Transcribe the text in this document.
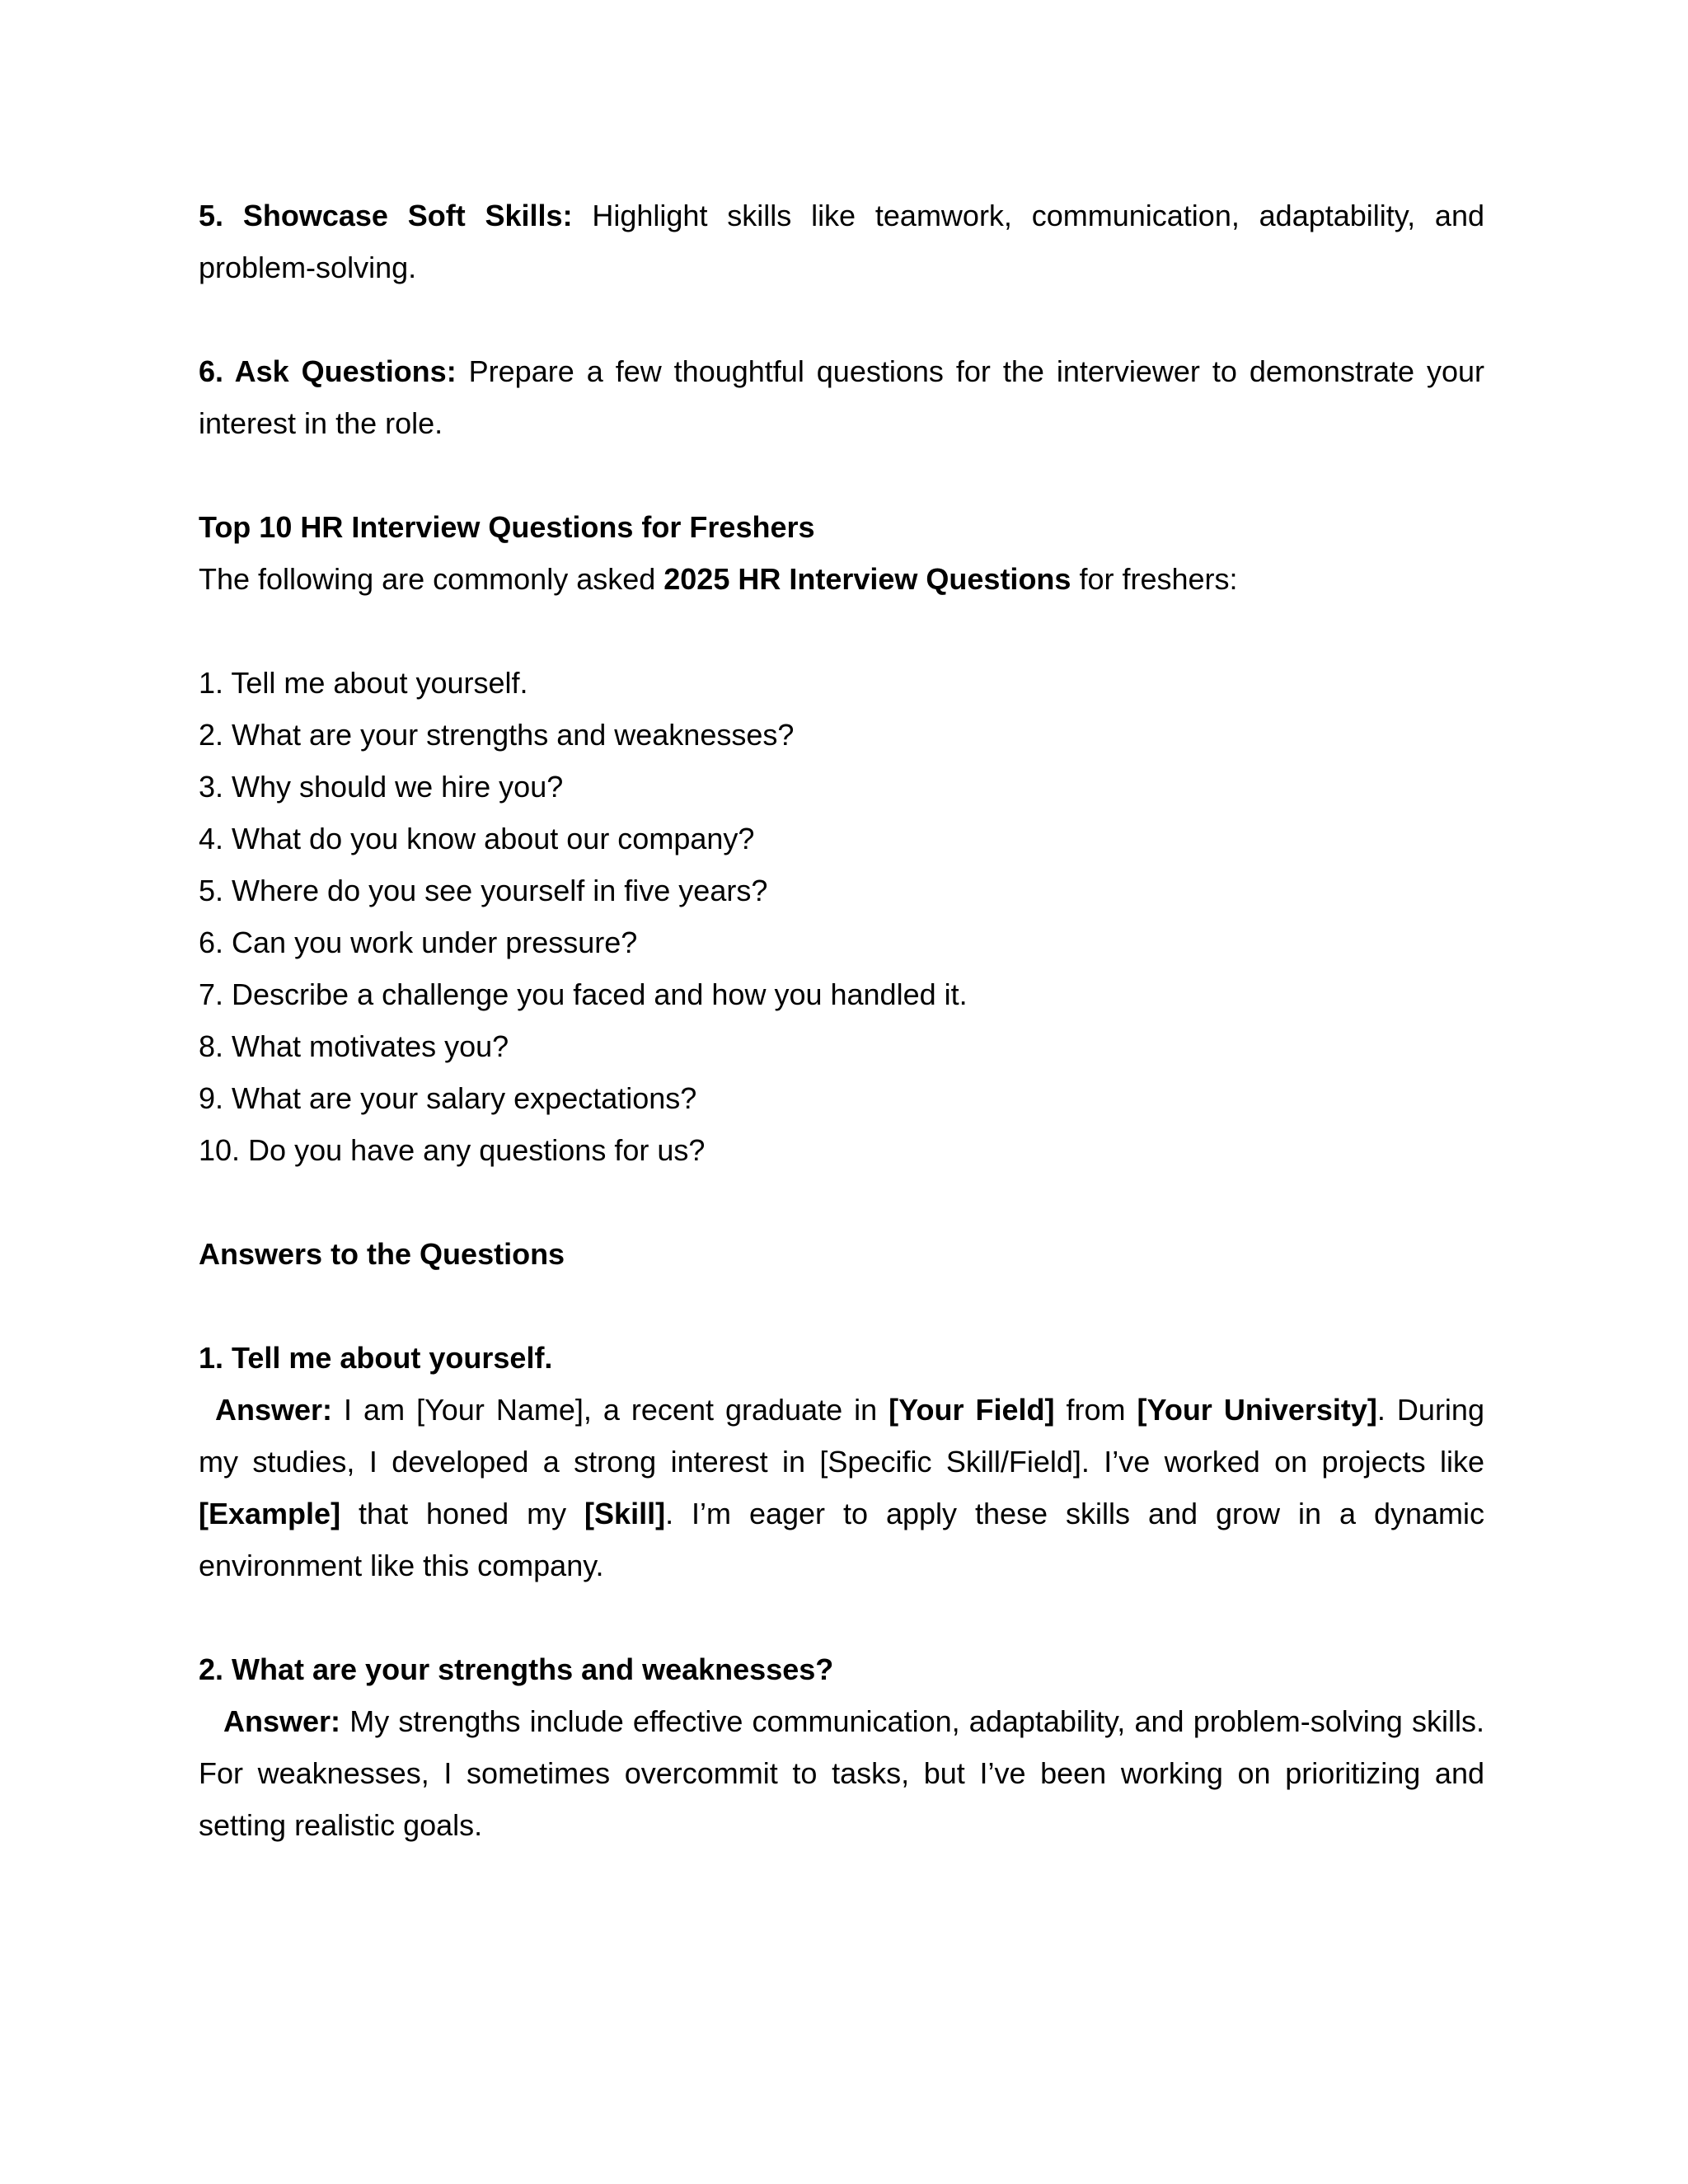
5. Showcase Soft Skills: Highlight skills like teamwork, communication, adaptability, and problem-solving.

6. Ask Questions: Prepare a few thoughtful questions for the interviewer to demonstrate your interest in the role.

Top 10 HR Interview Questions for Freshers

The following are commonly asked 2025 HR Interview Questions for freshers:

1. Tell me about yourself.
2. What are your strengths and weaknesses?
3. Why should we hire you?
4. What do you know about our company?
5. Where do you see yourself in five years?
6. Can you work under pressure?
7. Describe a challenge you faced and how you handled it.
8. What motivates you?
9. What are your salary expectations?
10. Do you have any questions for us?

Answers to the Questions

1. Tell me about yourself.

Answer: I am [Your Name], a recent graduate in [Your Field] from [Your University]. During my studies, I developed a strong interest in [Specific Skill/Field]. I’ve worked on projects like [Example] that honed my [Skill]. I’m eager to apply these skills and grow in a dynamic environment like this company.

2. What are your strengths and weaknesses?

Answer: My strengths include effective communication, adaptability, and problem-solving skills. For weaknesses, I sometimes overcommit to tasks, but I’ve been working on prioritizing and setting realistic goals.
